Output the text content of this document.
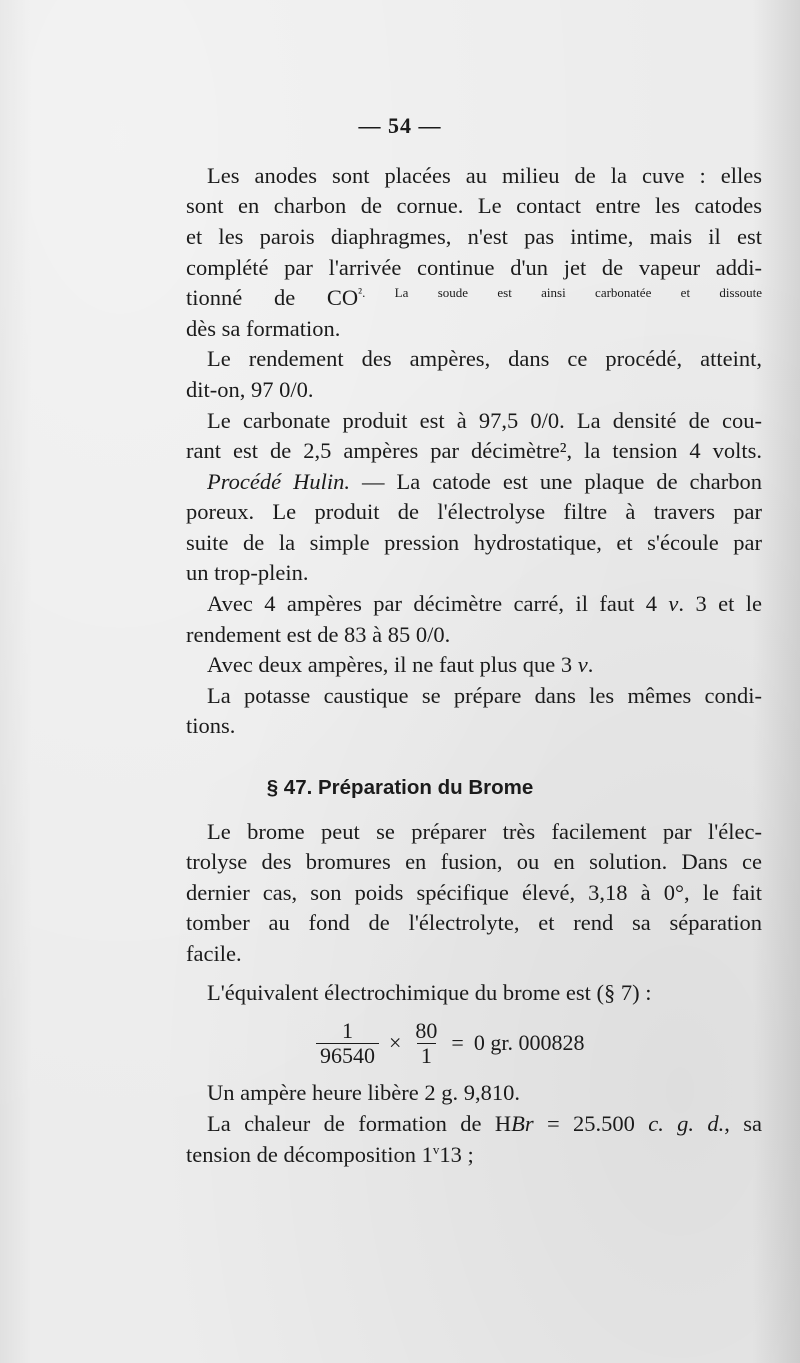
— 54 —
Les anodes sont placées au milieu de la cuve : elles
sont en charbon de cornue. Le contact entre les catodes
et les parois diaphragmes, n'est pas intime, mais il est
complété par l'arrivée continue d'un jet de vapeur addi-
tionné de $CO^{^2. La soude est ainsi carbonatée et dissoute}$
dès sa formation.
Le rendement des ampères, dans ce procédé, atteint,
dit-on, 97 0/0.
Le carbonate produit est à 97,5 0/0. La densité de cou-
rant est de 2,5 ampères par décimètre², la tension 4 volts.
Procédé Hulin. — La catode est une plaque de charbon
poreux. Le produit de l'électrolyse filtre à travers par
suite de la simple pression hydrostatique, et s'écoule par
un trop-plein.
Avec 4 ampères par décimètre carré, il faut 4 v. 3 et le
rendement est de 83 à 85 0/0.
Avec deux ampères, il ne faut plus que 3 v.
La potasse caustique se prépare dans les mêmes condi-
tions.
§ 47. Préparation du Brome
Le brome peut se préparer très facilement par l'élec-
trolyse des bromures en fusion, ou en solution. Dans ce
dernier cas, son poids spécifique élevé, 3,18 à 0°, le fait
tomber au fond de l'électrolyte, et rend sa séparation
facile.
L'équivalent électrochimique du brome est (§ 7) :
$\frac{1}{96540} \times \frac{80}{1} = 0$ gr. 000828
Un ampère heure libère 2 g. 9,810.
La chaleur de formation de HBr = 25.500 c. g. d., sa
tension de décomposition 1$^v$13 ;
